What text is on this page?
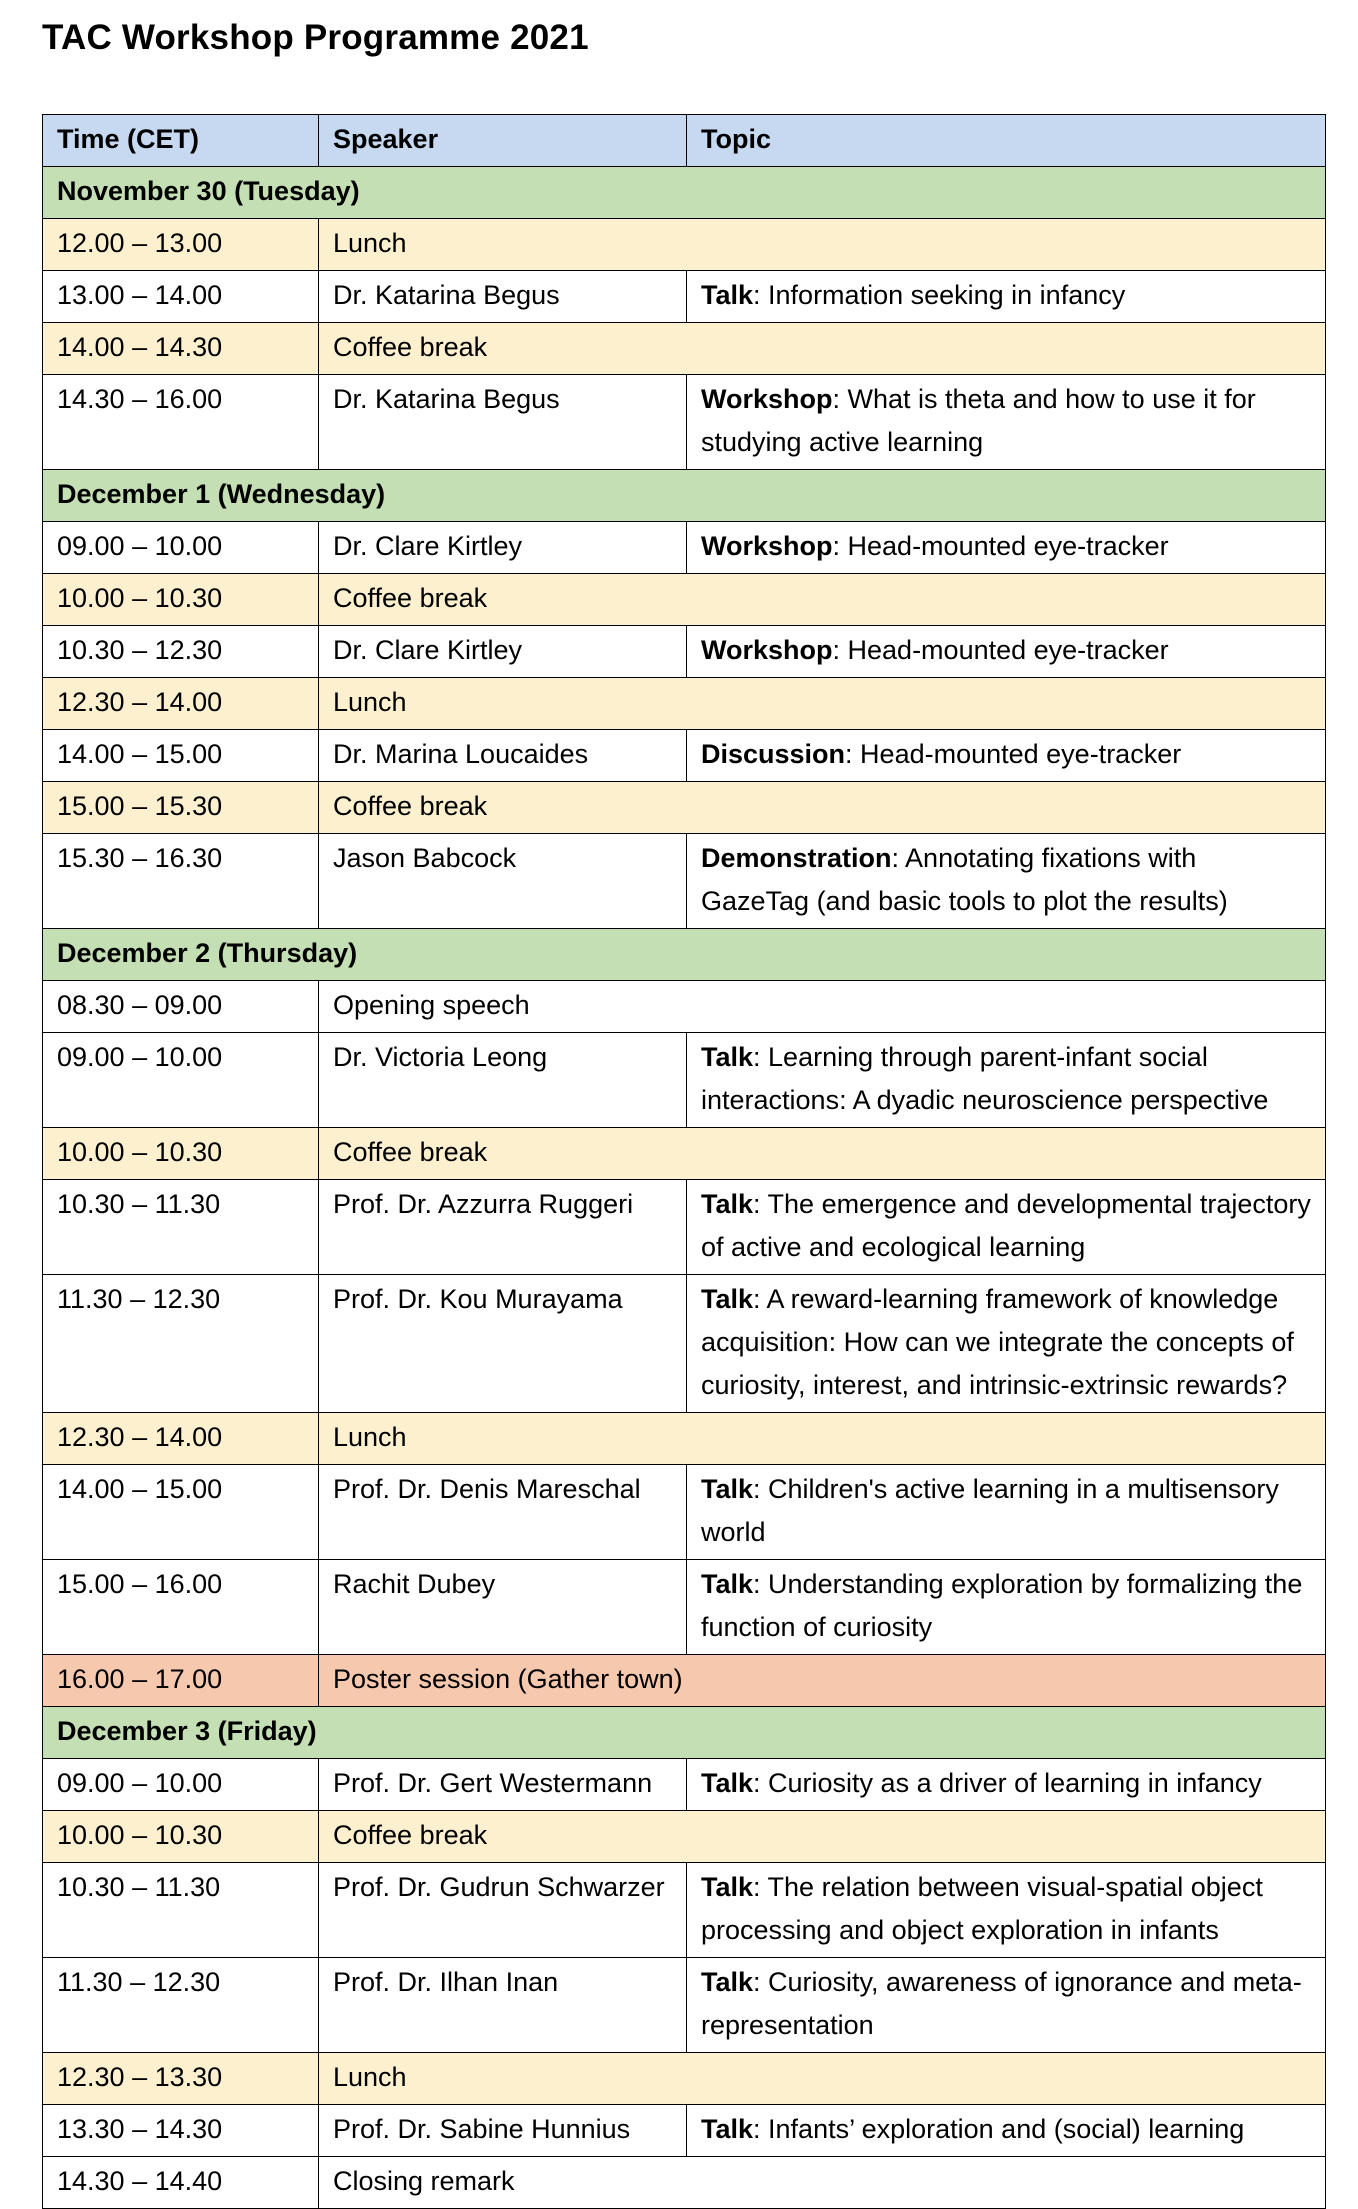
TAC Workshop Programme 2021
Time (CET)	Speaker	Topic
November 30 (Tuesday)		
12.00 – 13.00	Lunch	
13.00 – 14.00	Dr. Katarina Begus	Talk: Information seeking in infancy
14.00 – 14.30	Coffee break	
14.30 – 16.00	Dr. Katarina Begus	Workshop: What is theta and how to use it for studying active learning
December 1 (Wednesday)		
09.00 – 10.00	Dr. Clare Kirtley	Workshop: Head-mounted eye-tracker
10.00 – 10.30	Coffee break	
10.30 – 12.30	Dr. Clare Kirtley	Workshop: Head-mounted eye-tracker
12.30 – 14.00	Lunch	
14.00 – 15.00	Dr. Marina Loucaides	Discussion: Head-mounted eye-tracker
15.00 – 15.30	Coffee break	
15.30 – 16.30	Jason Babcock	Demonstration: Annotating fixations with GazeTag (and basic tools to plot the results)
December 2 (Thursday)		
08.30 – 09.00	Opening speech	
09.00 – 10.00	Dr. Victoria Leong	Talk: Learning through parent-infant social interactions: A dyadic neuroscience perspective
10.00 – 10.30	Coffee break	
10.30 – 11.30	Prof. Dr. Azzurra Ruggeri	Talk: The emergence and developmental trajectory of active and ecological learning
11.30 – 12.30	Prof. Dr. Kou Murayama	Talk: A reward-learning framework of knowledge acquisition: How can we integrate the concepts of curiosity, interest, and intrinsic-extrinsic rewards?
12.30 – 14.00	Lunch	
14.00 – 15.00	Prof. Dr. Denis Mareschal	Talk: Children's active learning in a multisensory world
15.00 – 16.00	Rachit Dubey	Talk: Understanding exploration by formalizing the function of curiosity
16.00 – 17.00	Poster session (Gather town)	
December 3 (Friday)		
09.00 – 10.00	Prof. Dr. Gert Westermann	Talk: Curiosity as a driver of learning in infancy
10.00 – 10.30	Coffee break	
10.30 – 11.30	Prof. Dr. Gudrun Schwarzer	Talk: The relation between visual-spatial object processing and object exploration in infants
11.30 – 12.30	Prof. Dr. Ilhan Inan	Talk: Curiosity, awareness of ignorance and meta-representation
12.30 – 13.30	Lunch	
13.30 – 14.30	Prof. Dr. Sabine Hunnius	Talk: Infants’ exploration and (social) learning
14.30 – 14.40	Closing remark	
